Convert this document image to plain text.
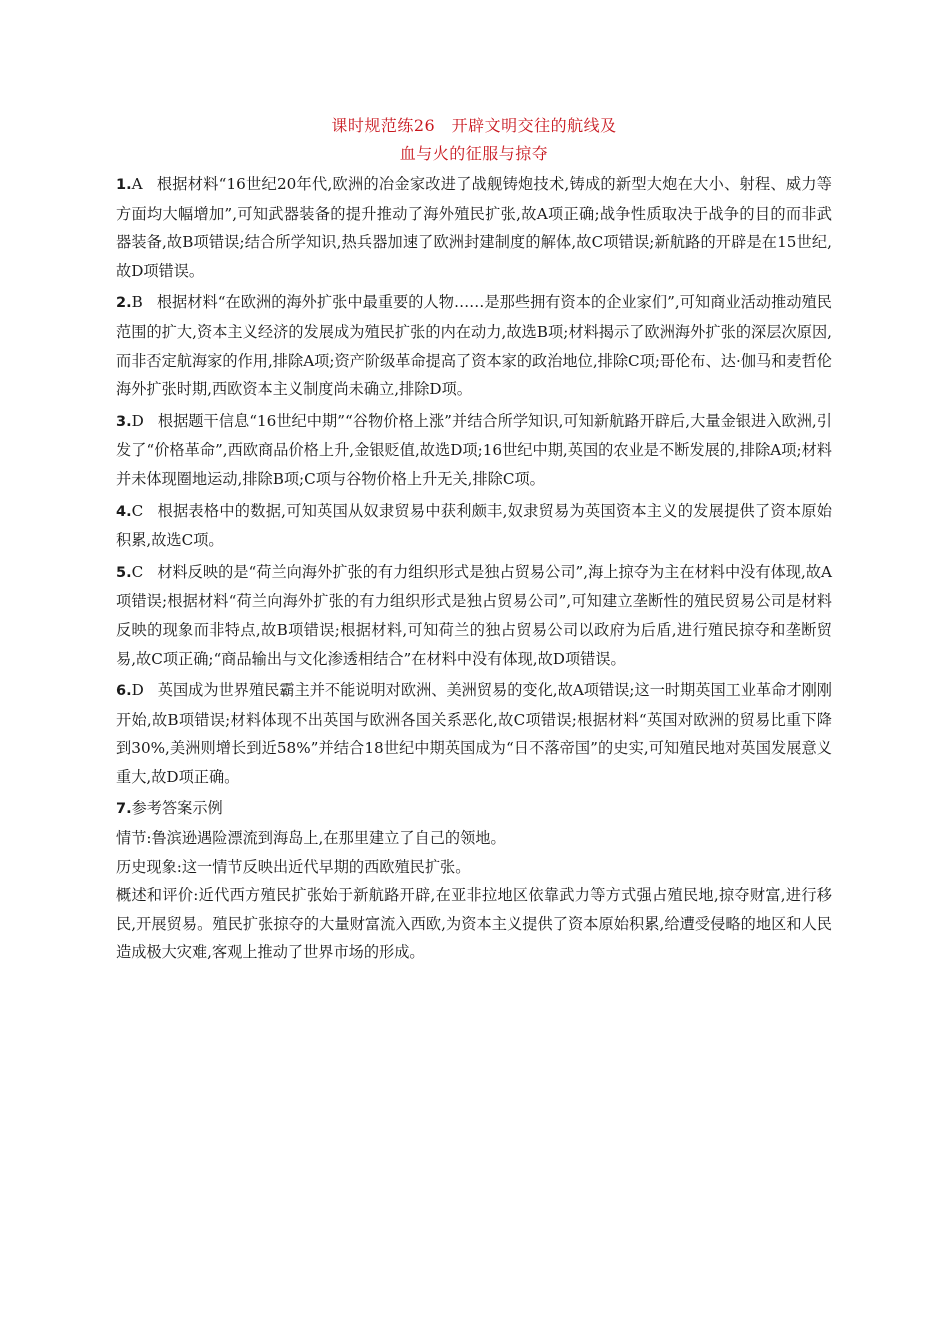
课时规范练26　开辟文明交往的航线及
血与火的征服与掠夺

1.A 根据材料“16世纪20年代,欧洲的冶金家改进了战舰铸炮技术,铸成的新型大炮在大小、射程、威力等方面均大幅增加”,可知武器装备的提升推动了海外殖民扩张,故A项正确;战争性质取决于战争的目的而非武器装备,故B项错误;结合所学知识,热兵器加速了欧洲封建制度的解体,故C项错误;新航路的开辟是在15世纪,故D项错误。

2.B 根据材料“在欧洲的海外扩张中最重要的人物……是那些拥有资本的企业家们”,可知商业活动推动殖民范围的扩大,资本主义经济的发展成为殖民扩张的内在动力,故选B项;材料揭示了欧洲海外扩张的深层次原因,而非否定航海家的作用,排除A项;资产阶级革命提高了资本家的政治地位,排除C项;哥伦布、达·伽马和麦哲伦海外扩张时期,西欧资本主义制度尚未确立,排除D项。

3.D 根据题干信息“16世纪中期”“谷物价格上涨”并结合所学知识,可知新航路开辟后,大量金银进入欧洲,引发了“价格革命”,西欧商品价格上升,金银贬值,故选D项;16世纪中期,英国的农业是不断发展的,排除A项;材料并未体现圈地运动,排除B项;C项与谷物价格上升无关,排除C项。

4.C 根据表格中的数据,可知英国从奴隶贸易中获利颇丰,奴隶贸易为英国资本主义的发展提供了资本原始积累,故选C项。

5.C 材料反映的是“荷兰向海外扩张的有力组织形式是独占贸易公司”,海上掠夺为主在材料中没有体现,故A项错误;根据材料“荷兰向海外扩张的有力组织形式是独占贸易公司”,可知建立垄断性的殖民贸易公司是材料反映的现象而非特点,故B项错误;根据材料,可知荷兰的独占贸易公司以政府为后盾,进行殖民掠夺和垄断贸易,故C项正确;“商品输出与文化渗透相结合”在材料中没有体现,故D项错误。

6.D 英国成为世界殖民霸主并不能说明对欧洲、美洲贸易的变化,故A项错误;这一时期英国工业革命才刚刚开始,故B项错误;材料体现不出英国与欧洲各国关系恶化,故C项错误;根据材料“英国对欧洲的贸易比重下降到30%,美洲则增长到近58%”并结合18世纪中期英国成为“日不落帝国”的史实,可知殖民地对英国发展意义重大,故D项正确。

7.参考答案示例

情节:鲁滨逊遇险漂流到海岛上,在那里建立了自己的领地。

历史现象:这一情节反映出近代早期的西欧殖民扩张。

概述和评价:近代西方殖民扩张始于新航路开辟,在亚非拉地区依靠武力等方式强占殖民地,掠夺财富,进行移民,开展贸易。殖民扩张掠夺的大量财富流入西欧,为资本主义提供了资本原始积累,给遭受侵略的地区和人民造成极大灾难,客观上推动了世界市场的形成。
